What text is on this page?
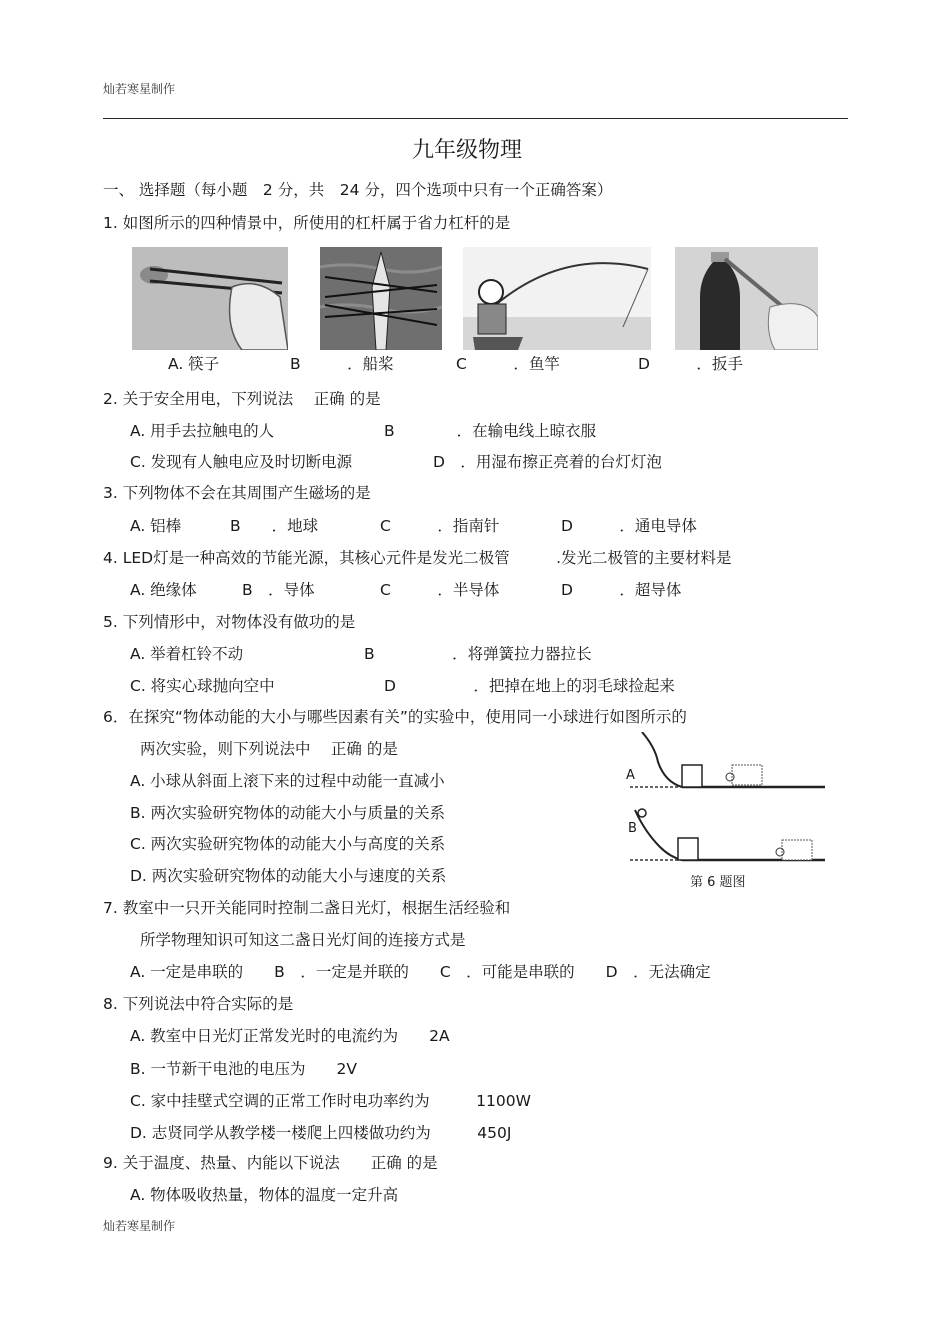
灿若寒星制作
九年级物理
一、 选择题（每小题　2 分，共　24 分，四个选项中只有一个正确答案）
1. 如图所示的四种情景中，所使用的杠杆属于省力杠杆的是
A. 筷子	B　　　．船桨	C　　　．鱼竿	D　　　．扳手
2. 关于安全用电，下列说法　 正确 的是
A. 用手去拉触电的人	B　　　　．在输电线上晾衣服
C. 发现有人触电应及时切断电源	D　．用湿布擦正亮着的台灯灯泡
3. 下列物体不会在其周围产生磁场的是
A. 铝棒	B　　．地球	C　　　．指南针	D　　　．通电导体
4. LED灯是一种高效的节能光源，其核心元件是发光二极管　　　.发光二极管的主要材料是
A. 绝缘体	B　．导体	C　　　．半导体	D　　　．超导体
5. 下列情形中，对物体没有做功的是
A. 举着杠铃不动	B　　　　　．将弹簧拉力器拉长
C. 将实心球抛向空中	D　　　　　．把掉在地上的羽毛球捡起来
6．在探究“物体动能的大小与哪些因素有关”的实验中，使用同一小球进行如图所示的
两次实验，则下列说法中　 正确 的是
A. 小球从斜面上滚下来的过程中动能一直减小
B. 两次实验研究物体的动能大小与质量的关系
C. 两次实验研究物体的动能大小与高度的关系
D. 两次实验研究物体的动能大小与速度的关系
A
B
第 6 题图
7. 教室中一只开关能同时控制二盏日光灯，根据生活经验和
所学物理知识可知这二盏日光灯间的连接方式是
A. 一定是串联的　　B　．一定是并联的　　C　．可能是串联的　　D　．无法确定
8. 下列说法中符合实际的是
A. 教室中日光灯正常发光时的电流约为　　2A
B. 一节新干电池的电压为　　2V
C. 家中挂壁式空调的正常工作时电功率约为　　　1100W
D. 志贤同学从教学楼一楼爬上四楼做功约为　　　450J
9. 关于温度、热量、内能以下说法　　正确 的是
A. 物体吸收热量，物体的温度一定升高
灿若寒星制作
